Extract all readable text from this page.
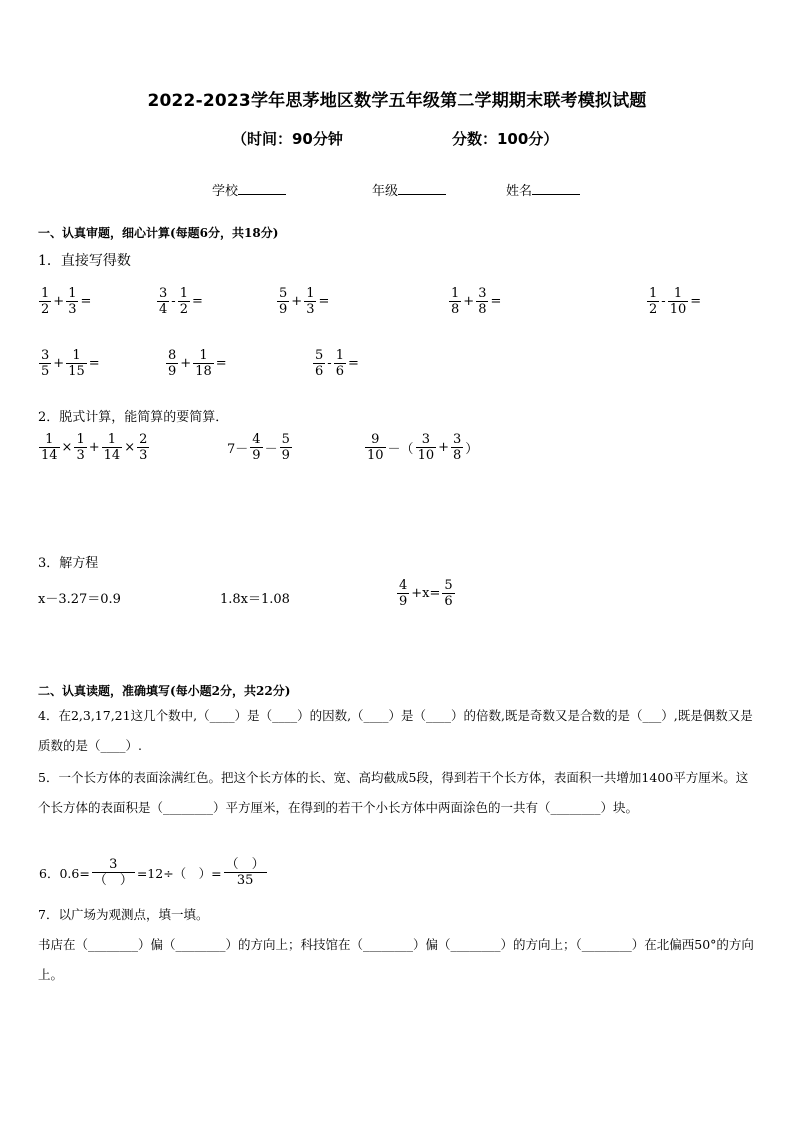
2022-2023学年思茅地区数学五年级第二学期期末联考模拟试题
（时间：90分钟	分数：100分）
学校	年级	姓名
一、认真审题，细心计算(每题6分，共18分)
1．直接写得数
$\frac{1}{2} + \frac{1}{3}$ =	$\frac{3}{4} - \frac{1}{2}$ =	$\frac{5}{9} + \frac{1}{3}$ =	$\frac{1}{8} + \frac{3}{8}$ =	$\frac{1}{2} - \frac{1}{10}$ =
$\frac{3}{5} + \frac{1}{15}$ =	$\frac{8}{9} + \frac{1}{18}$ =	$\frac{5}{6} - \frac{1}{6}$ =
2．脱式计算，能简算的要简算．
$\frac{1}{14} \times \frac{1}{3} + \frac{1}{14} \times \frac{2}{3}$	$7- \frac{4}{9} - \frac{5}{9}$	$\frac{9}{10}$ －（ $\frac{3}{10} + \frac{3}{8}$ ）
3．解方程
x－3.27＝0.9	1.8x＝1.08	$\frac{4}{9} +x= \frac{5}{6}$
二、认真读题，准确填写(每小题2分，共22分)
4．在2,3,17,21这几个数中,（____）是（____）的因数,（____）是（____）的倍数,既是奇数又是合数的是（___）,既是偶数又是质数的是（____）.
5．一个长方体的表面涂满红色。把这个长方体的长、宽、高均截成5段，得到若干个长方体，表面积一共增加1400平方厘米。这个长方体的表面积是（________）平方厘米，在得到的若干个小长方体中两面涂色的一共有（________）块。
6．$0.6= \frac{3}{( )} =12\div$（　）= $\frac{( )}{35}$
7．以广场为观测点，填一填。
书店在（________）偏（________）的方向上；科技馆在（________）偏（________）的方向上；（________）在北偏西50°的方向上。
